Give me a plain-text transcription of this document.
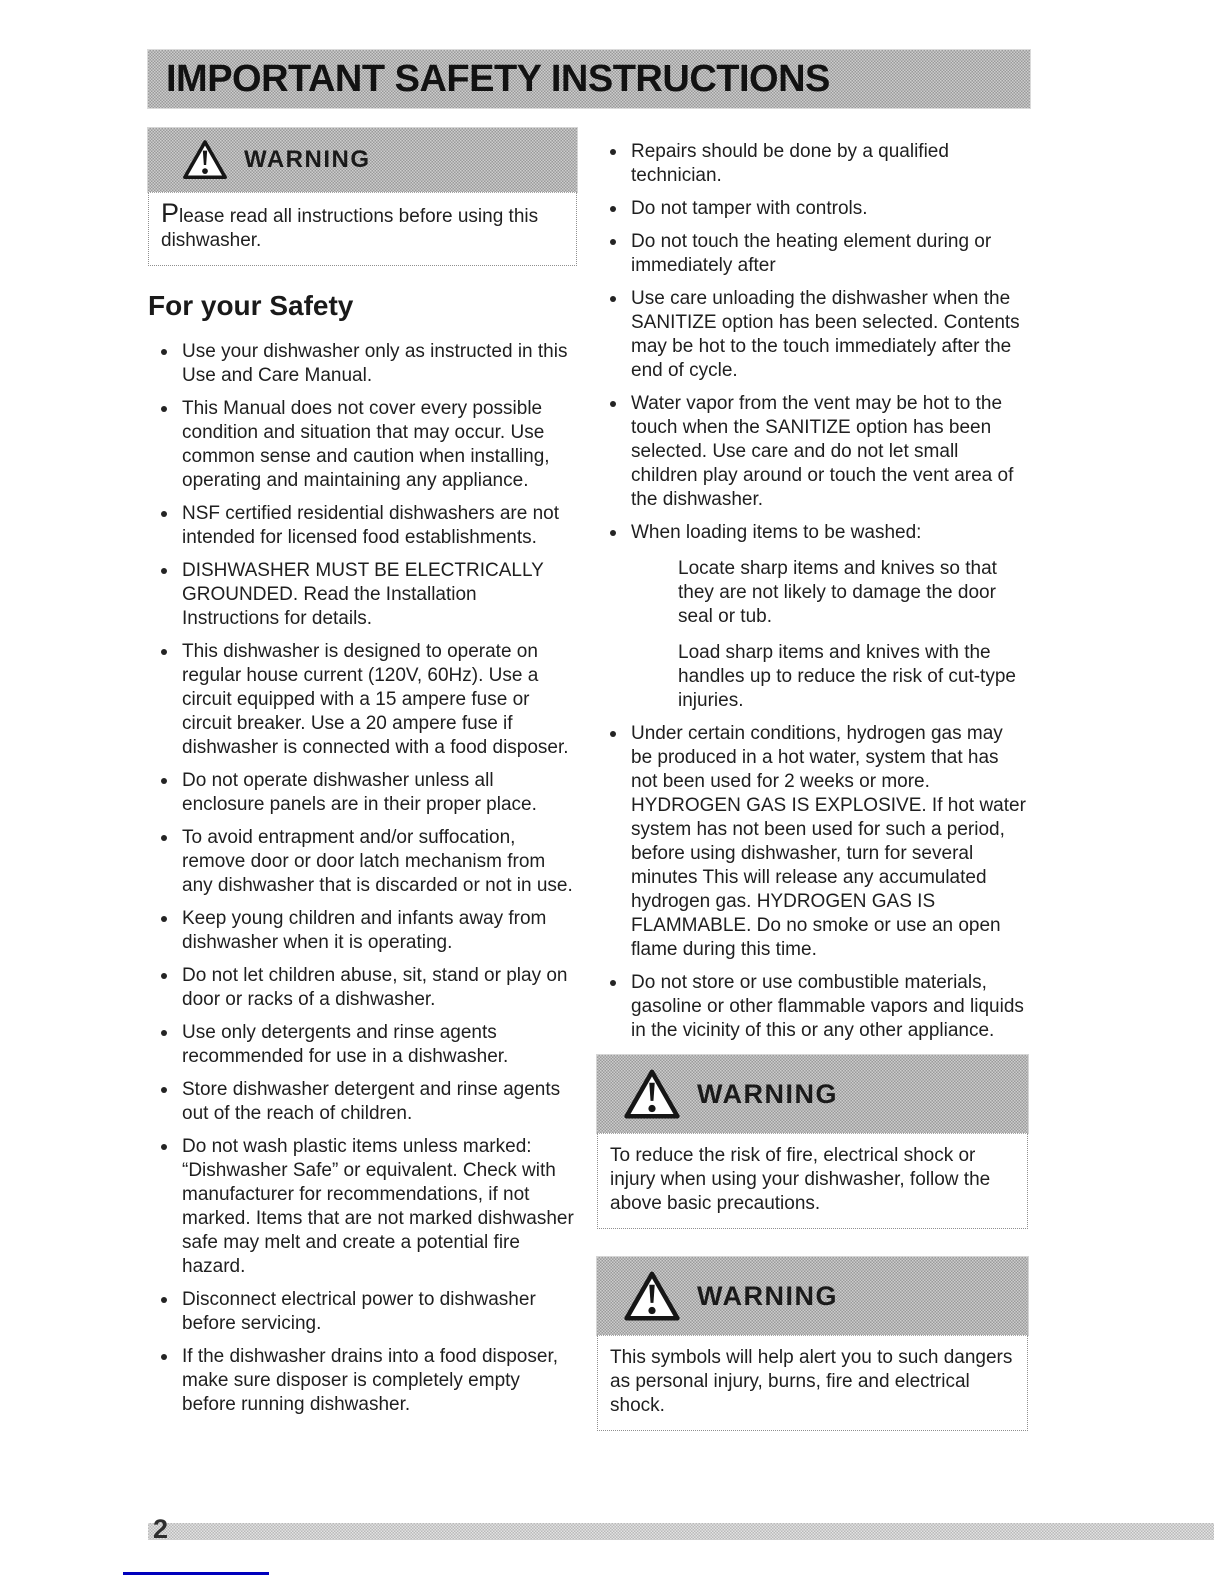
IMPORTANT SAFETY INSTRUCTIONS
WARNING
Please read all instructions before using this dishwasher.
For your Safety
Use your dishwasher only as instructed in this Use and Care Manual.
This Manual does not cover every possible condition and situation that may occur. Use common sense and caution when installing, operating and maintaining any appliance.
NSF certified residential dishwashers are not intended for licensed food establishments.
DISHWASHER MUST BE ELECTRICALLY GROUNDED. Read the Installation Instructions for details.
This dishwasher is designed to operate on regular house current (120V, 60Hz). Use a circuit equipped with a 15 ampere fuse or circuit breaker. Use a 20 ampere fuse if dishwasher is connected with a food disposer.
Do not operate dishwasher unless all enclosure panels are in their proper place.
To avoid entrapment and/or suffocation, remove door or door latch mechanism from any dishwasher that is discarded or not in use.
Keep young children and infants away from dishwasher when it is operating.
Do not let children abuse, sit, stand or play on door or racks of a dishwasher.
Use only detergents and rinse agents recommended for use in a dishwasher.
Store dishwasher detergent and rinse agents out of the reach of children.
Do not wash plastic items unless marked: “Dishwasher Safe” or equivalent. Check with manufacturer for recommendations, if not marked. Items that are not marked dishwasher safe may melt and create a potential fire hazard.
Disconnect electrical power to dishwasher before servicing.
If the dishwasher drains into a food disposer, make sure disposer is completely empty before running dishwasher.
Repairs should be done by a qualified technician.
Do not tamper with controls.
Do not touch the heating element during or immediately after
Use care unloading the dishwasher when the SANITIZE option has been selected. Contents may be hot to the touch immediately after the end of cycle.
Water vapor from the vent may be hot to the touch when the SANITIZE option has been selected. Use care and do not let small children play around or touch the vent area of the dishwasher.
When loading items to be washed:

Locate sharp items and knives so that they are not likely to damage the door seal or tub.

Load sharp items and knives with the handles up to reduce the risk of cut-type injuries.

Under certain conditions, hydrogen gas may be produced in a hot water, system that has not been used for 2 weeks or more. HYDROGEN GAS IS EXPLOSIVE. If hot water system has not been used for such a period, before using dishwasher, turn for several minutes This will release any accumulated hydrogen gas. HYDROGEN GAS IS FLAMMABLE. Do no smoke or use an open flame during this time.
Do not store or use combustible materials, gasoline or other flammable vapors and liquids in the vicinity of this or any other appliance.
WARNING
To reduce the risk of fire, electrical shock or injury when using your dishwasher, follow the above basic precautions.
WARNING
This symbols will help alert you to such dangers as personal injury, burns, fire and electrical shock.
2
